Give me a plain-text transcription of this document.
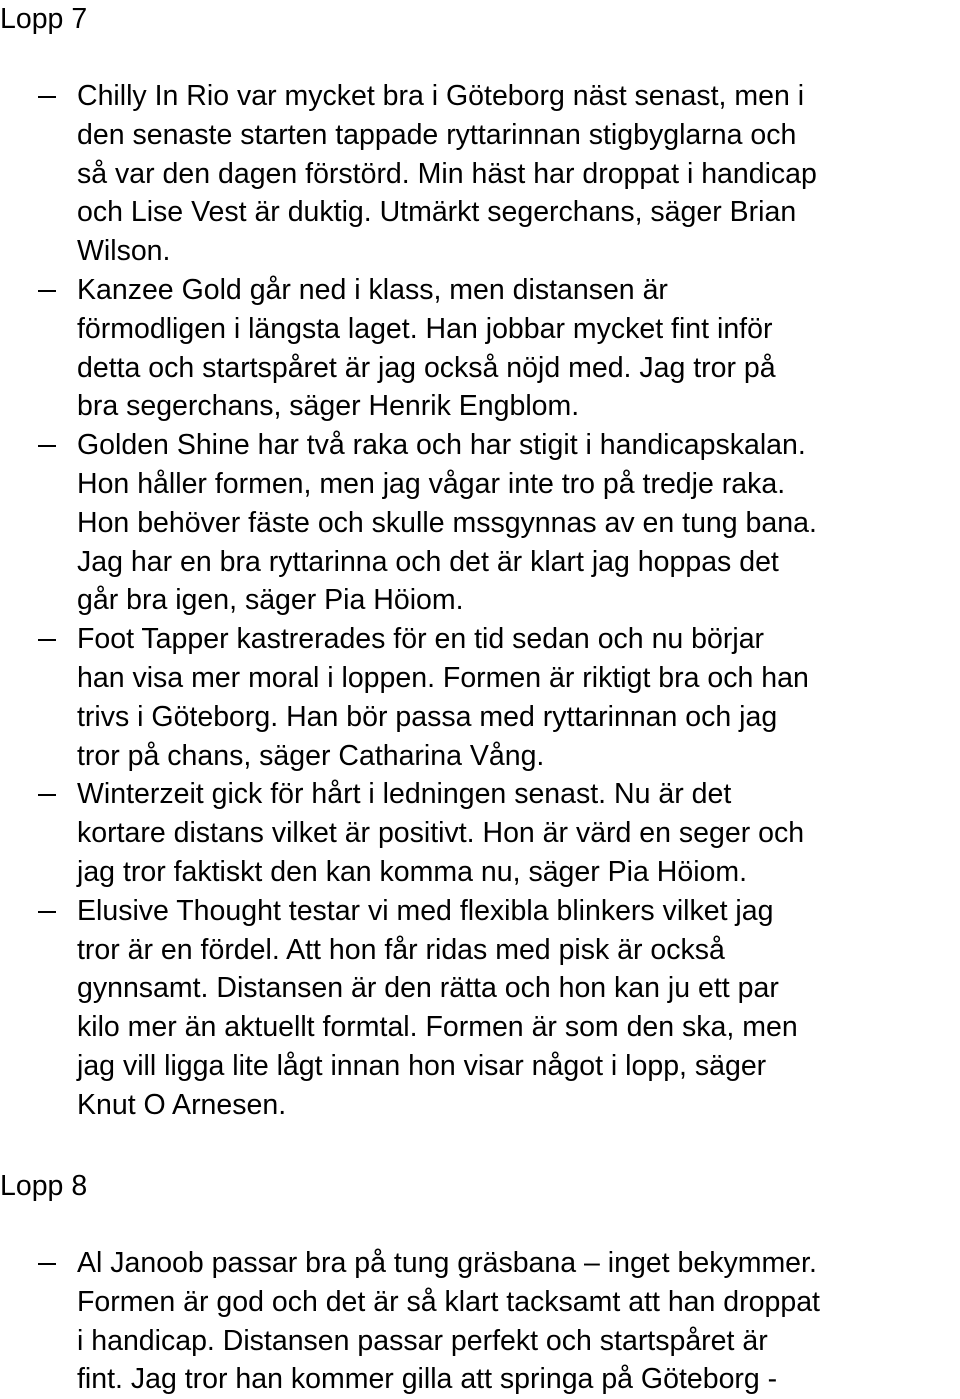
Lopp 7
Chilly In Rio var mycket bra i Göteborg näst senast, men i
den senaste starten tappade ryttarinnan stigbyglarna och
så var den dagen förstörd. Min häst har droppat i handicap
och Lise Vest är duktig. Utmärkt segerchans, säger Brian
Wilson.
Kanzee Gold går ned i klass, men distansen är
förmodligen i längsta laget. Han jobbar mycket fint inför
detta och startspåret är jag också nöjd med. Jag tror på
bra segerchans, säger Henrik Engblom.
Golden Shine har två raka och har stigit i handicapskalan.
Hon håller formen, men jag vågar inte tro på tredje raka.
Hon behöver fäste och skulle mssgynnas av en tung bana.
Jag har en bra ryttarinna och det är klart jag hoppas det
går bra igen, säger Pia Höiom.
Foot Tapper kastrerades för en tid sedan och nu börjar
han visa mer moral i loppen. Formen är riktigt bra och han
trivs i Göteborg. Han bör passa med ryttarinnan och jag
tror på chans, säger Catharina Vång.
Winterzeit gick för hårt i ledningen senast. Nu är det
kortare distans vilket är positivt. Hon är värd en seger och
jag tror faktiskt den kan komma nu, säger Pia Höiom.
Elusive Thought testar vi med flexibla blinkers vilket jag
tror är en fördel. Att hon får ridas med pisk är också
gynnsamt. Distansen är den rätta och hon kan ju ett par
kilo mer än aktuellt formtal. Formen är som den ska, men
jag vill ligga lite lågt innan hon visar något i lopp, säger
Knut O Arnesen.
Lopp 8
Al Janoob passar bra på tung gräsbana – inget bekymmer.
Formen är god och det är så klart tacksamt att han droppat
i handicap. Distansen passar perfekt och startspåret är
fint. Jag tror han kommer gilla att springa på Göteborg -
